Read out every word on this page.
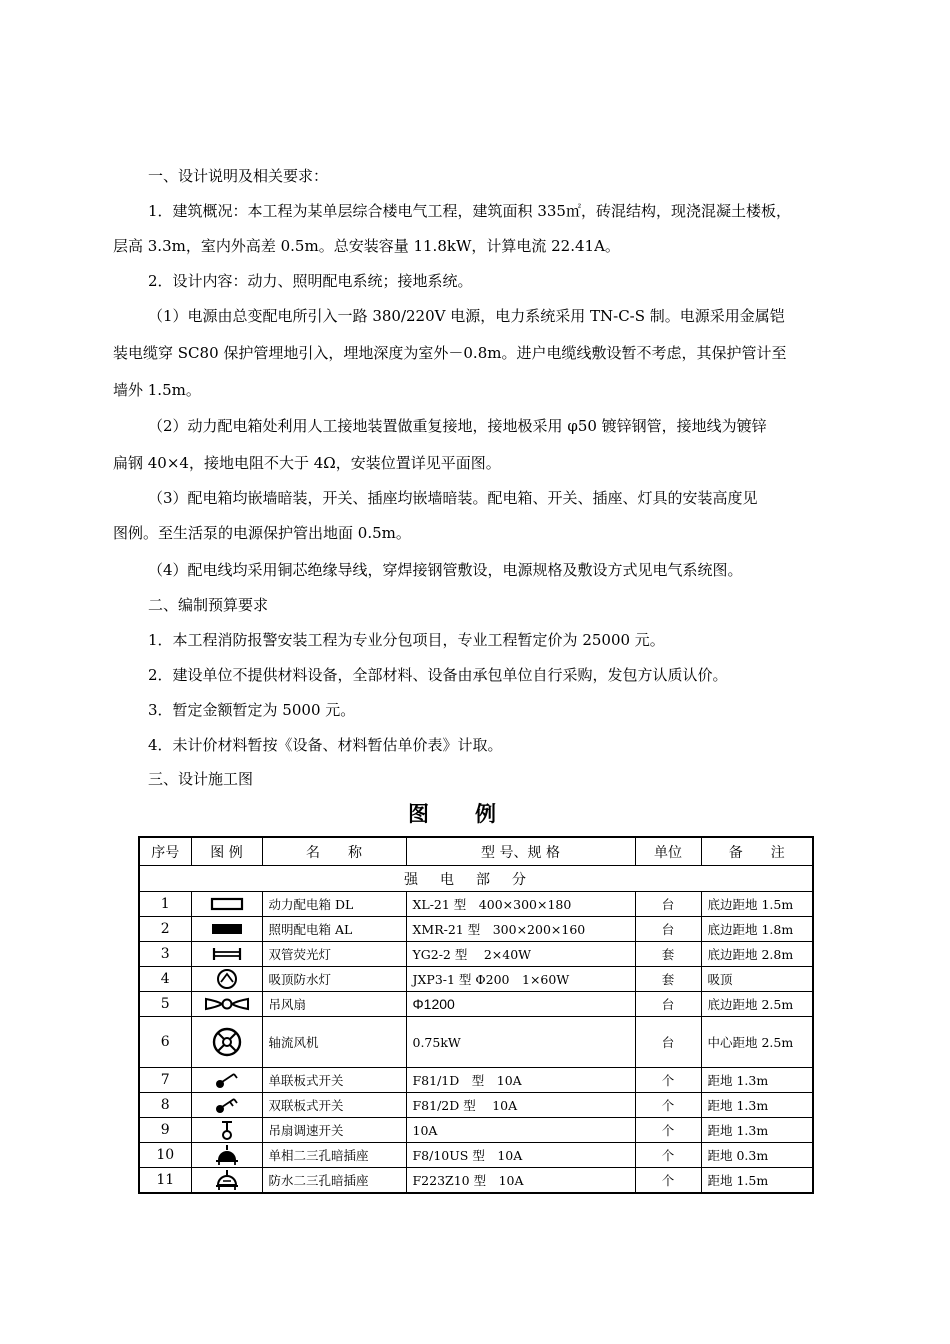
一、设计说明及相关要求：
1．建筑概况：本工程为某单层综合楼电气工程，建筑面积 335㎡，砖混结构，现浇混凝土楼板，
层高 3.3m，室内外高差 0.5m。总安装容量 11.8kW，计算电流 22.41A。
2．设计内容：动力、照明配电系统；接地系统。
（1）电源由总变配电所引入一路 380/220V 电源，电力系统采用 TN-C-S 制。电源采用金属铠
装电缆穿 SC80 保护管埋地引入，埋地深度为室外－0.8m。进户电缆线敷设暂不考虑，其保护管计至
墙外 1.5m。
（2）动力配电箱处利用人工接地装置做重复接地，接地极采用 φ50 镀锌钢管，接地线为镀锌
扁钢 40×4，接地电阻不大于 4Ω，安装位置详见平面图。
（3）配电箱均嵌墙暗装，开关、插座均嵌墙暗装。配电箱、开关、插座、灯具的安装高度见
图例。至生活泵的电源保护管出地面 0.5m。
（4）配电线均采用铜芯绝缘导线，穿焊接钢管敷设，电源规格及敷设方式见电气系统图。
二、编制预算要求
1．本工程消防报警安装工程为专业分包项目，专业工程暂定价为 25000 元。
2．建设单位不提供材料设备，全部材料、设备由承包单位自行采购，发包方认质认价。
3．暂定金额暂定为 5000 元。
4．未计价材料暂按《设备、材料暂估单价表》计取。
三、设计施工图
图例
序号	图 例	名　　称	型 号、规 格	单位	备　　注
强电部分					
1		动力配电箱 DL	XL-21 型　400×300×180	台	底边距地 1.5m
2		照明配电箱 AL	XMR-21 型　300×200×160	台	底边距地 1.8m
3		双管荧光灯	YG2-2 型　 2×40W	套	底边距地 2.8m
4		吸顶防水灯	JXP3-1 型 Φ200　1×60W	套	吸顶
5		吊风扇	Φ1200	台	底边距地 2.5m
6		轴流风机	0.75kW	台	中心距地 2.5m
7		单联板式开关	F81/1D　型　10A	个	距地 1.3m
8		双联板式开关	F81/2D 型　 10A	个	距地 1.3m
9		吊扇调速开关	10A	个	距地 1.3m
10		单相二三孔暗插座	F8/10US 型　10A	个	距地 0.3m
11		防水二三孔暗插座	F223Z10 型　10A	个	距地 1.5m
